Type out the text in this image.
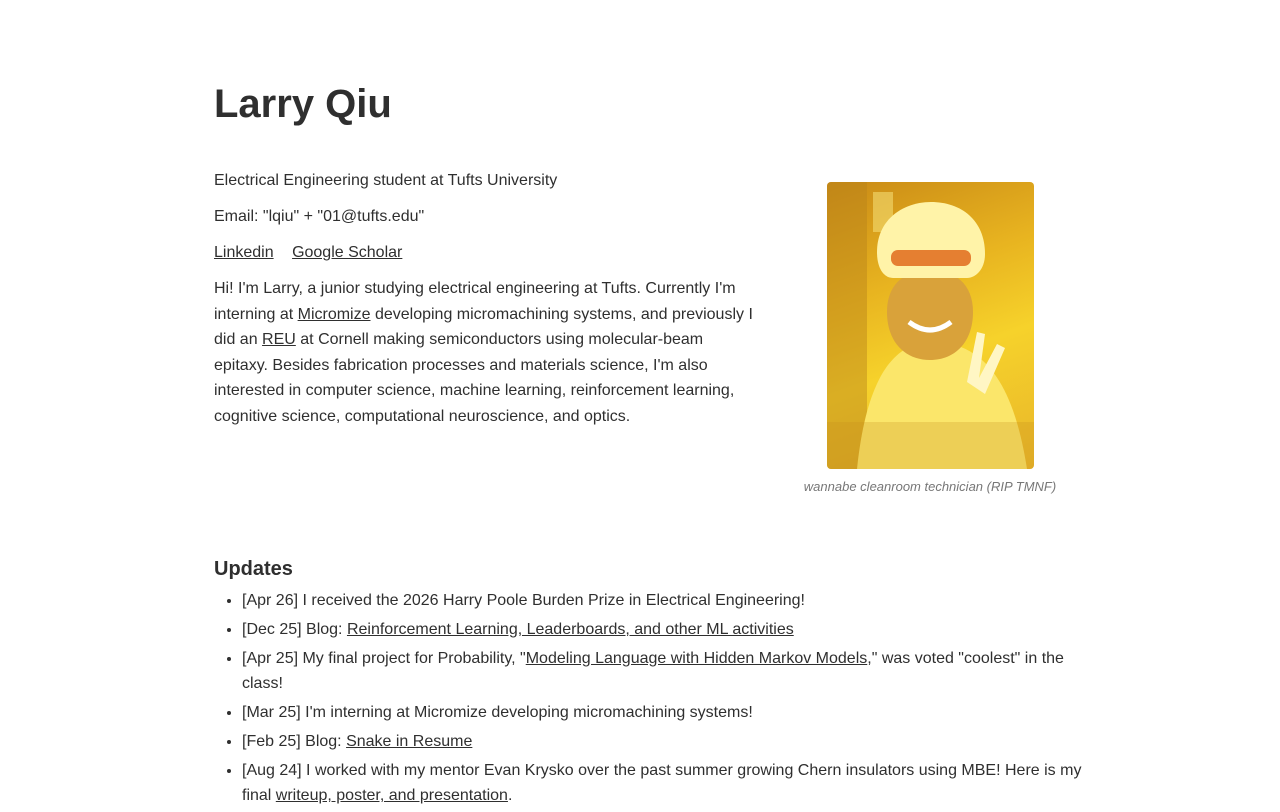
Larry Qiu

Electrical Engineering student at Tufts University

Email: "lqiu" + "01@tufts.edu"

Linkedin Google Scholar

Hi! I'm Larry, a junior studying electrical engineering at Tufts. Currently I'm interning at Micromize developing micromachining systems, and previously I did an REU at Cornell making semiconductors using molecular-beam epitaxy. Besides fabrication processes and materials science, I'm also interested in computer science, machine learning, reinforcement learning, cognitive science, computational neuroscience, and optics.

wannabe cleanroom technician (RIP TMNF)
Updates
• [Apr 26] I received the 2026 Harry Poole Burden Prize in Electrical Engineering!
• [Dec 25] Blog: Reinforcement Learning, Leaderboards, and other ML activities
• [Apr 25] My final project for Probability, "Modeling Language with Hidden Markov Models," was voted "coolest" in the class!
• [Mar 25] I'm interning at Micromize developing micromachining systems!
• [Feb 25] Blog: Snake in Resume
• [Aug 24] I worked with my mentor Evan Krysko over the past summer growing Chern insulators using MBE! Here is my final writeup, poster, and presentation.
